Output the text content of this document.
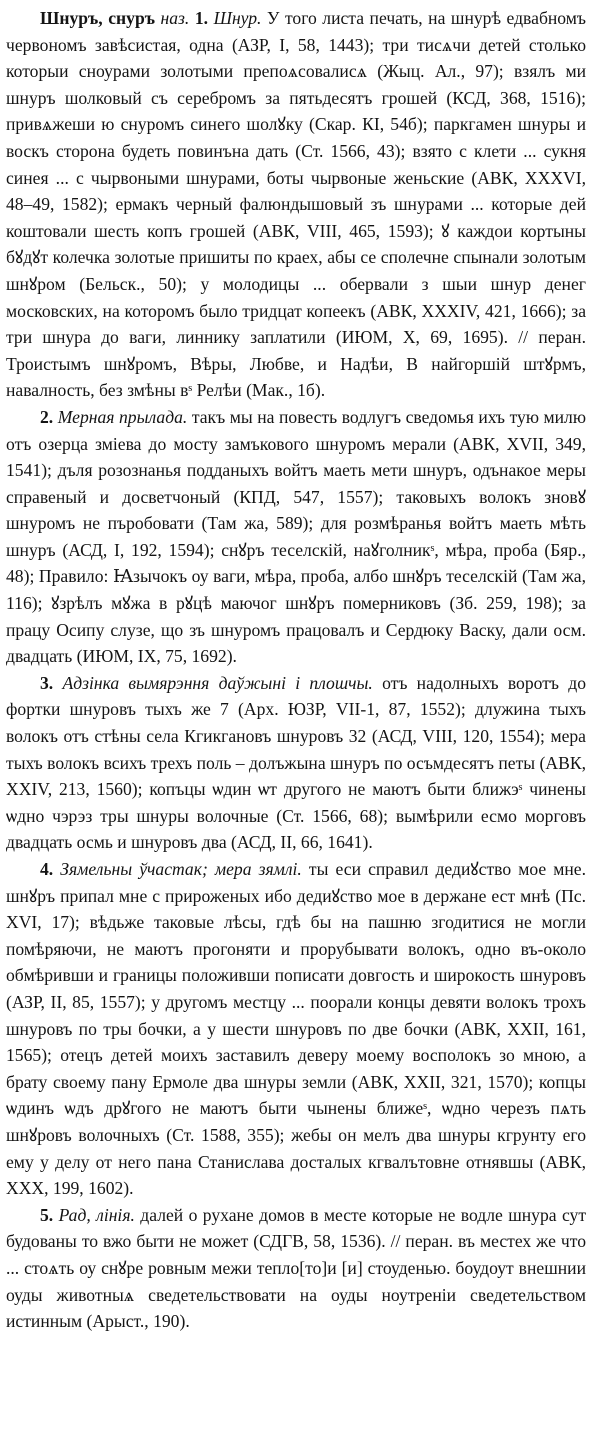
Шнуръ, снуръ наз. 1. Шнур. У того листа печать, на шнурѣ едвабномъ червономъ завѣсистая, одна (АЗР, I, 58, 1443); три тисѧчи детей столько которыи сноурами золотыми препоѧсовалисѧ (Жыц. Ал., 97); взялъ ми шнуръ шолковый съ серебромъ за пятьдесятъ грошей (КСД, 368, 1516); привѧжеши ю снуромъ синего шолꙋку (Скар. КІ, 54б); паркгамен шнуры и воскъ сторона будеть повинъна дать (Ст. 1566, 43); взято с клети ... сукня синея ... с чырвоными шнурами, боты чырвоные женьские (АВК, XXXVI, 48–49, 1582); ермакъ черный фалюндышовый зъ шнурами ... которые дей коштовали шесть копъ грошей (АВК, VIII, 465, 1593); ꙋ каждои кортыны бꙋдꙋт колечка золотые пришиты по краех, абы се сполечне спынали золотым шнꙋром (Бельск., 50); у молодицы ... обервали з шыи шнур денег московских, на которомъ было тридцат копеекъ (АВК, XXXIV, 421, 1666); за три шнура до ваги, линнику заплатили (ИЮМ, X, 69, 1695). // перан. Троистымъ шнꙋромъ, Вѣры, Любве, и Надѣи, В найгоршій штꙋрмъ, навалность, без змѣны вˢ Релѣи (Мак., 1б).

2. Мерная прылада. такъ мы на повесть водлугъ сведомья ихъ тую милю отъ озерца зміева до мосту замъкового шнуромъ мерали (АВК, XVII, 349, 1541); дъля розознанья подданыхъ войтъ маеть мети шнуръ, одънакое меры справеный и досветчоный (КПД, 547, 1557); таковыхъ волокъ зновꙋ шнуромъ не пъробовати (Там жа, 589); для розмѣранья войтъ маеть мѣть шнуръ (АСД, I, 192, 1594); снꙋръ теселскій, наꙋголникˢ, мѣра, проба (Бяр., 48); Правило: Ꙗзычокъ оу ваги, мѣра, проба, албо шнꙋръ теселскій (Там жа, 116); ꙋзрѣлъ мꙋжа в рꙋцѣ маючог шнꙋръ померниковъ (Зб. 259, 198); за працу Осипу слузе, що зъ шнуромъ працовалъ и Сердюку Васку, дали осм. двадцать (ИЮМ, IX, 75, 1692).

3. Адзінка вымярэння даўжыні і плошчы. отъ надолныхъ воротъ до фортки шнуровъ тыхъ же 7 (Арх. ЮЗР, VII-1, 87, 1552); длужина тыхъ волокъ отъ стѣны села Кгикгановъ шнуровъ 32 (АСД, VIII, 120, 1554); мера тыхъ волокъ всихъ трехъ поль – долъжына шнуръ по осъмдесятъ петы (АВК, XXIV, 213, 1560); копъцы ѡдин ѡт другого не маютъ быти ближэˢ чинены ѡдно чэрэз тры шнуры волочные (Ст. 1566, 68); вымѣрили есмо морговъ двадцать осмь и шнуровъ два (АСД, II, 66, 1641).

4. Зямельны ўчастак; мера зямлі. ты еси справил дедиꙋство мое мне. шнꙋръ припал мне с прироженых ибо дедиꙋство мое в держане ест мнѣ (Пс. XVI, 17); вѣдьже таковые лѣсы, гдѣ бы на пашню згодитися не могли помѣряючи, не маютъ прогоняти и прорубывати волокъ, одно въ-около обмѣривши и границы положивши пописати довгость и широкость шнуровъ (АЗР, II, 85, 1557); у другомъ местцу ... поорали концы девяти волокъ трохъ шнуровъ по тры бочки, а у шести шнуровъ по две бочки (АВК, XXII, 161, 1565); отецъ детей моихъ заставилъ деверу моему восполокъ зо мною, а брату своему пану Ермоле два шнуры земли (АВК, XXII, 321, 1570); копцы ѡдинъ ѡдъ дрꙋгого не маютъ быти чынены ближеˢ, ѡдно черезъ пѧть шнꙋровъ волочныхъ (Ст. 1588, 355); жебы он мелъ два шнуры кгрунту его ему у делу от него пана Станислава досталых кгвалътовне отнявшы (АВК, XXX, 199, 1602).

5. Рад, лінія. далей о рухане домов в месте которые не водле шнура сут будованы то вжо быти не может (СДГВ, 58, 1536). // перан. въ местех же что ... стоѧть оу снꙋре ровным межи тепло[то]и [и] стоуденью. боудоут внешнии оуды животныѧ сведетельствовати на оуды ноутреніи сведетельством истинным (Арыст., 190).
